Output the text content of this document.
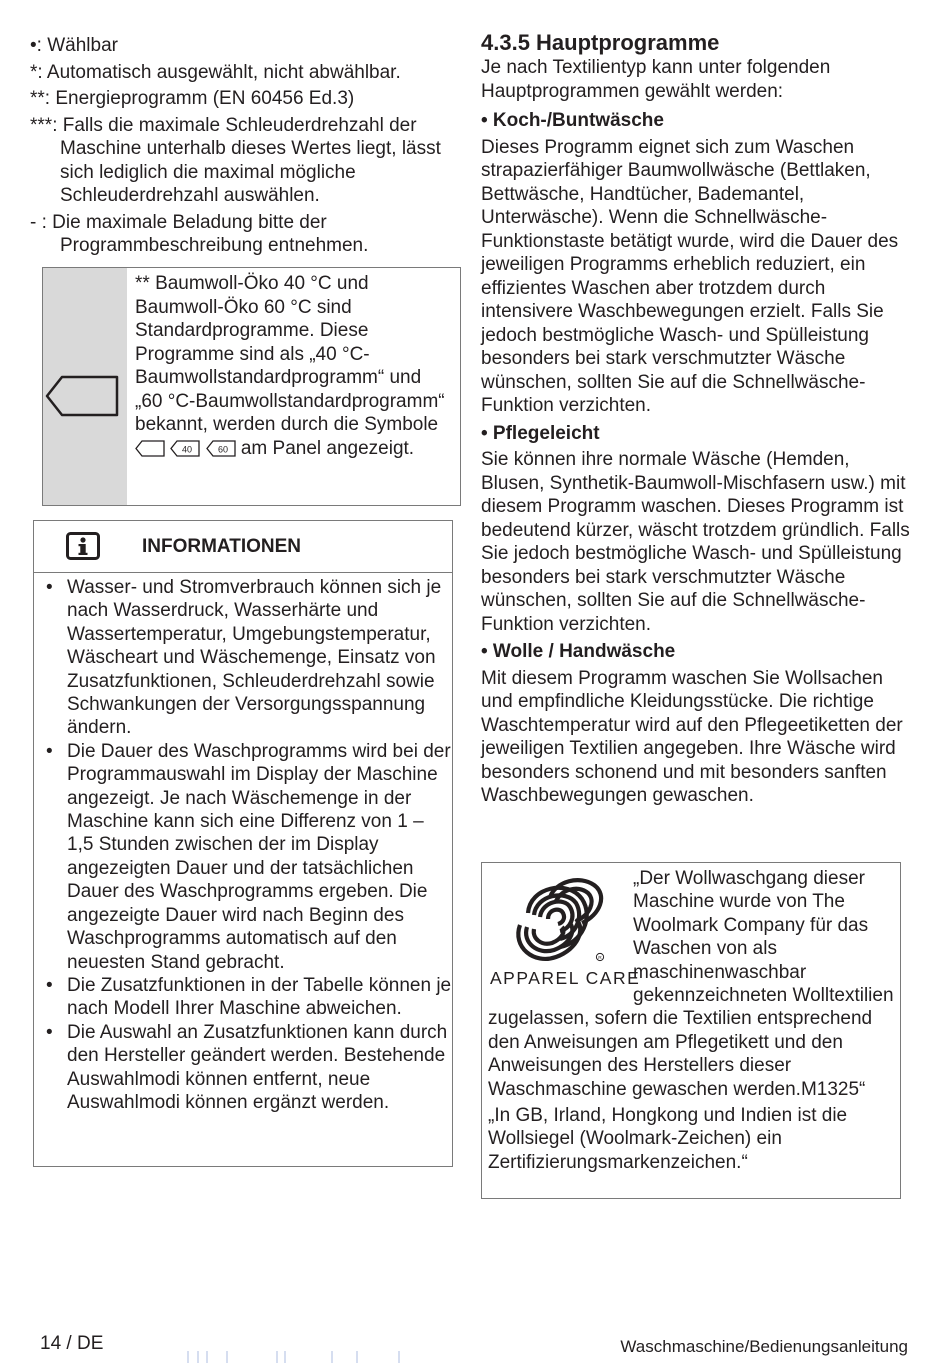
•: Wählbar
*: Automatisch ausgewählt, nicht abwählbar.
**: Energieprogramm (EN 60456 Ed.3)
***: Falls die maximale Schleuderdrehzahl der
Maschine unterhalb dieses Wertes liegt, lässt sich lediglich die maximal mögliche Schleuderdrehzahl auswählen.
- : Die maximale Beladung bitte der
Programmbeschreibung entnehmen.
** Baumwoll-Öko 40 °C und Baumwoll-Öko 60 °C sind Standardprogramme. Diese Programme sind als „40 °C-Baumwollstandardprogramm“ und „60 °C-Baumwollstandardprogramm“ bekannt, werden durch die Symbole
40
	60 am Panel angezeigt.
INFORMATIONEN
• Wasser- und Stromverbrauch können sich je nach Wasserdruck, Wasserhärte und Wassertemperatur, Umgebungstemperatur, Wäscheart und Wäschemenge, Einsatz von Zusatzfunktionen, Schleuderdrehzahl sowie Schwankungen der Versorgungsspannung ändern.
• Die Dauer des Waschprogramms wird bei der Programmauswahl im Display der Maschine angezeigt. Je nach Wäschemenge in der Maschine kann sich eine Differenz von 1 – 1,5 Stunden zwischen der im Display angezeigten Dauer und der tatsächlichen Dauer des Waschprogramms ergeben. Die angezeigte Dauer wird nach Beginn des Waschprogramms automatisch auf den neuesten Stand gebracht.
• Die Zusatzfunktionen in der Tabelle können je nach Modell Ihrer Maschine abweichen.
• Die Auswahl an Zusatzfunktionen kann durch den Hersteller geändert werden. Bestehende Auswahlmodi können entfernt, neue Auswahlmodi können ergänzt werden.
4.3.5 Hauptprogramme

Je nach Textilientyp kann unter folgenden Hauptprogrammen gewählt werden:

• Koch-/Buntwäsche

Dieses Programm eignet sich zum Waschen strapazierfähiger Baumwollwäsche (Bettlaken, Bettwäsche, Handtücher, Bademantel, Unterwäsche). Wenn die Schnellwäsche-Funktionstaste betätigt wurde, wird die Dauer des jeweiligen Programms erheblich reduziert, ein effizientes Waschen aber trotzdem durch intensivere Waschbewegungen erzielt. Falls Sie jedoch bestmögliche Wasch- und Spülleistung besonders bei stark verschmutzter Wäsche wünschen, sollten Sie auf die Schnellwäsche-Funktion verzichten.

• Pflegeleicht

Sie können ihre normale Wäsche (Hemden, Blusen, Synthetik-Baumwoll-Mischfasern usw.) mit diesem Programm waschen. Dieses Programm ist bedeutend kürzer, wäscht trotzdem gründlich. Falls Sie jedoch bestmögliche Wasch- und Spülleistung besonders bei stark verschmutzter Wäsche wünschen, sollten Sie auf die Schnellwäsche-Funktion verzichten.

• Wolle / Handwäsche

Mit diesem Programm waschen Sie Wollsachen und empfindliche Kleidungsstücke. Die richtige Waschtemperatur wird auf den Pflegeetiketten der jeweiligen Textilien angegeben. Ihre Wäsche wird besonders schonend und mit besonders sanften Waschbewegungen gewaschen.

R
APPAREL CARE
„Der Wollwaschgang dieser Maschine wurde von The Woolmark Company für das Waschen von als maschinenwaschbar gekennzeichneten Wolltextilien zugelassen, sofern die Textilien entsprechend den Anweisungen am Pflegetikett und den Anweisungen des Herstellers dieser Waschmaschine gewaschen werden.M1325“
„In GB, Irland, Hongkong und Indien ist die Wollsiegel (Woolmark-Zeichen) ein Zertifizierungsmarkenzeichen.“
14 / DE	Waschmaschine/Bedienungsanleitung
